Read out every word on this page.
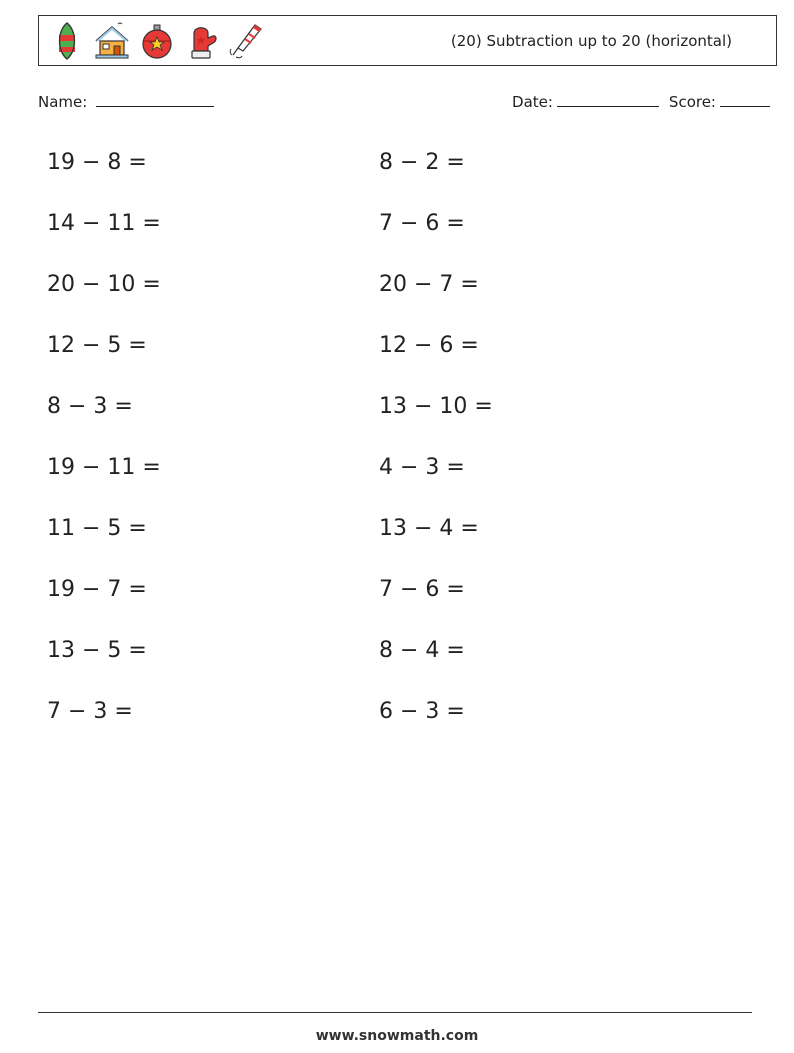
(20) Subtraction up to 20 (horizontal)
Name:	Date:	Score:
19 − 8 =	8 − 2 =
14 − 11 =	7 − 6 =
20 − 10 =	20 − 7 =
12 − 5 =	12 − 6 =
8 − 3 =	13 − 10 =
19 − 11 =	4 − 3 =
11 − 5 =	13 − 4 =
19 − 7 =	7 − 6 =
13 − 5 =	8 − 4 =
7 − 3 =	6 − 3 =
www.snowmath.com
